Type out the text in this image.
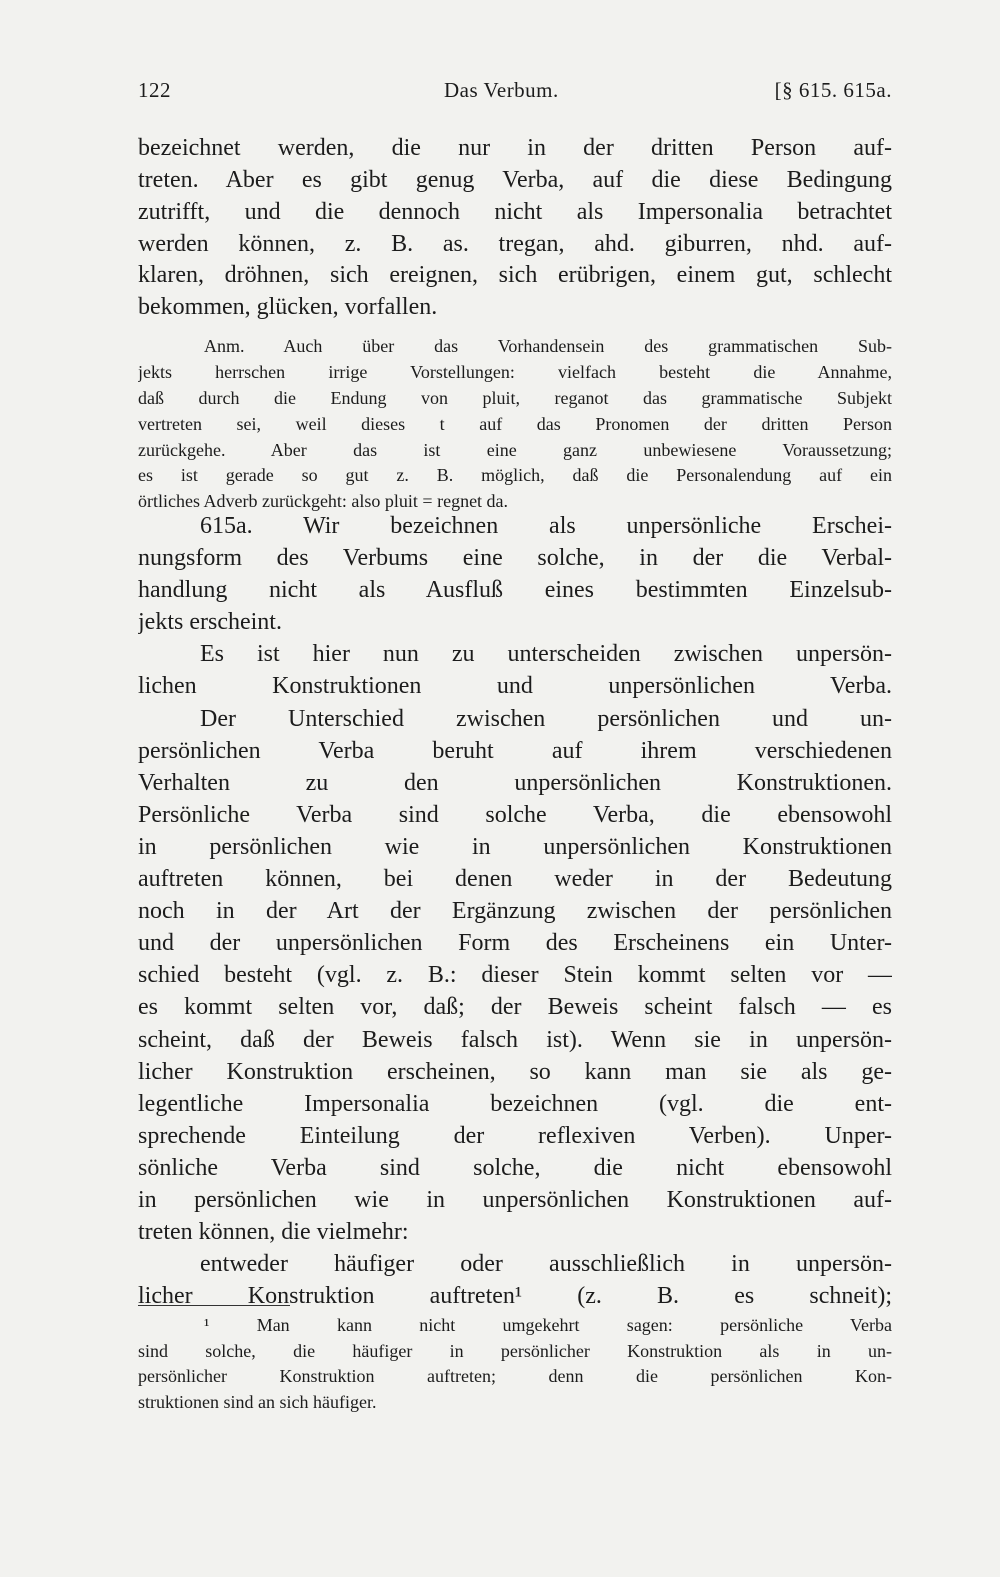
122	Das Verbum.	[§ 615. 615a.
bezeichnet werden, die nur in der dritten Person auf-
treten. Aber es gibt genug Verba, auf die diese Bedingung
zutrifft, und die dennoch nicht als Impersonalia betrachtet
werden können, z. B. as. tregan, ahd. giburren, nhd. auf-
klaren, dröhnen, sich ereignen, sich erübrigen, einem gut, schlecht
bekommen, glücken, vorfallen.
Anm. Auch über das Vorhandensein des grammatischen Sub-
jekts herrschen irrige Vorstellungen: vielfach besteht die Annahme,
daß durch die Endung von pluit, reganot das grammatische Subjekt
vertreten sei, weil dieses t auf das Pronomen der dritten Person
zurückgehe. Aber das ist eine ganz unbewiesene Voraussetzung;
es ist gerade so gut z. B. möglich, daß die Personalendung auf ein
örtliches Adverb zurückgeht: also pluit = regnet da.
615a. Wir bezeichnen als unpersönliche Erschei-
nungsform des Verbums eine solche, in der die Verbal-
handlung nicht als Ausfluß eines bestimmten Einzelsub-
jekts erscheint.
Es ist hier nun zu unterscheiden zwischen unpersön-
lichen Konstruktionen und unpersönlichen Verba.
Der Unterschied zwischen persönlichen und un-
persönlichen Verba beruht auf ihrem verschiedenen
Verhalten zu den unpersönlichen Konstruktionen.
Persönliche Verba sind solche Verba, die ebensowohl
in persönlichen wie in unpersönlichen Konstruktionen
auftreten können, bei denen weder in der Bedeutung
noch in der Art der Ergänzung zwischen der persönlichen
und der unpersönlichen Form des Erscheinens ein Unter-
schied besteht (vgl. z. B.: dieser Stein kommt selten vor —
es kommt selten vor, daß; der Beweis scheint falsch — es
scheint, daß der Beweis falsch ist). Wenn sie in unpersön-
licher Konstruktion erscheinen, so kann man sie als ge-
legentliche Impersonalia bezeichnen (vgl. die ent-
sprechende Einteilung der reflexiven Verben). Unper-
sönliche Verba sind solche, die nicht ebensowohl
in persönlichen wie in unpersönlichen Konstruktionen auf-
treten können, die vielmehr:
entweder häufiger oder ausschließlich in unpersön-
licher Konstruktion auftreten¹ (z. B. es schneit);
¹ Man kann nicht umgekehrt sagen: persönliche Verba
sind solche, die häufiger in persönlicher Konstruktion als in un-
persönlicher Konstruktion auftreten; denn die persönlichen Kon-
struktionen sind an sich häufiger.
